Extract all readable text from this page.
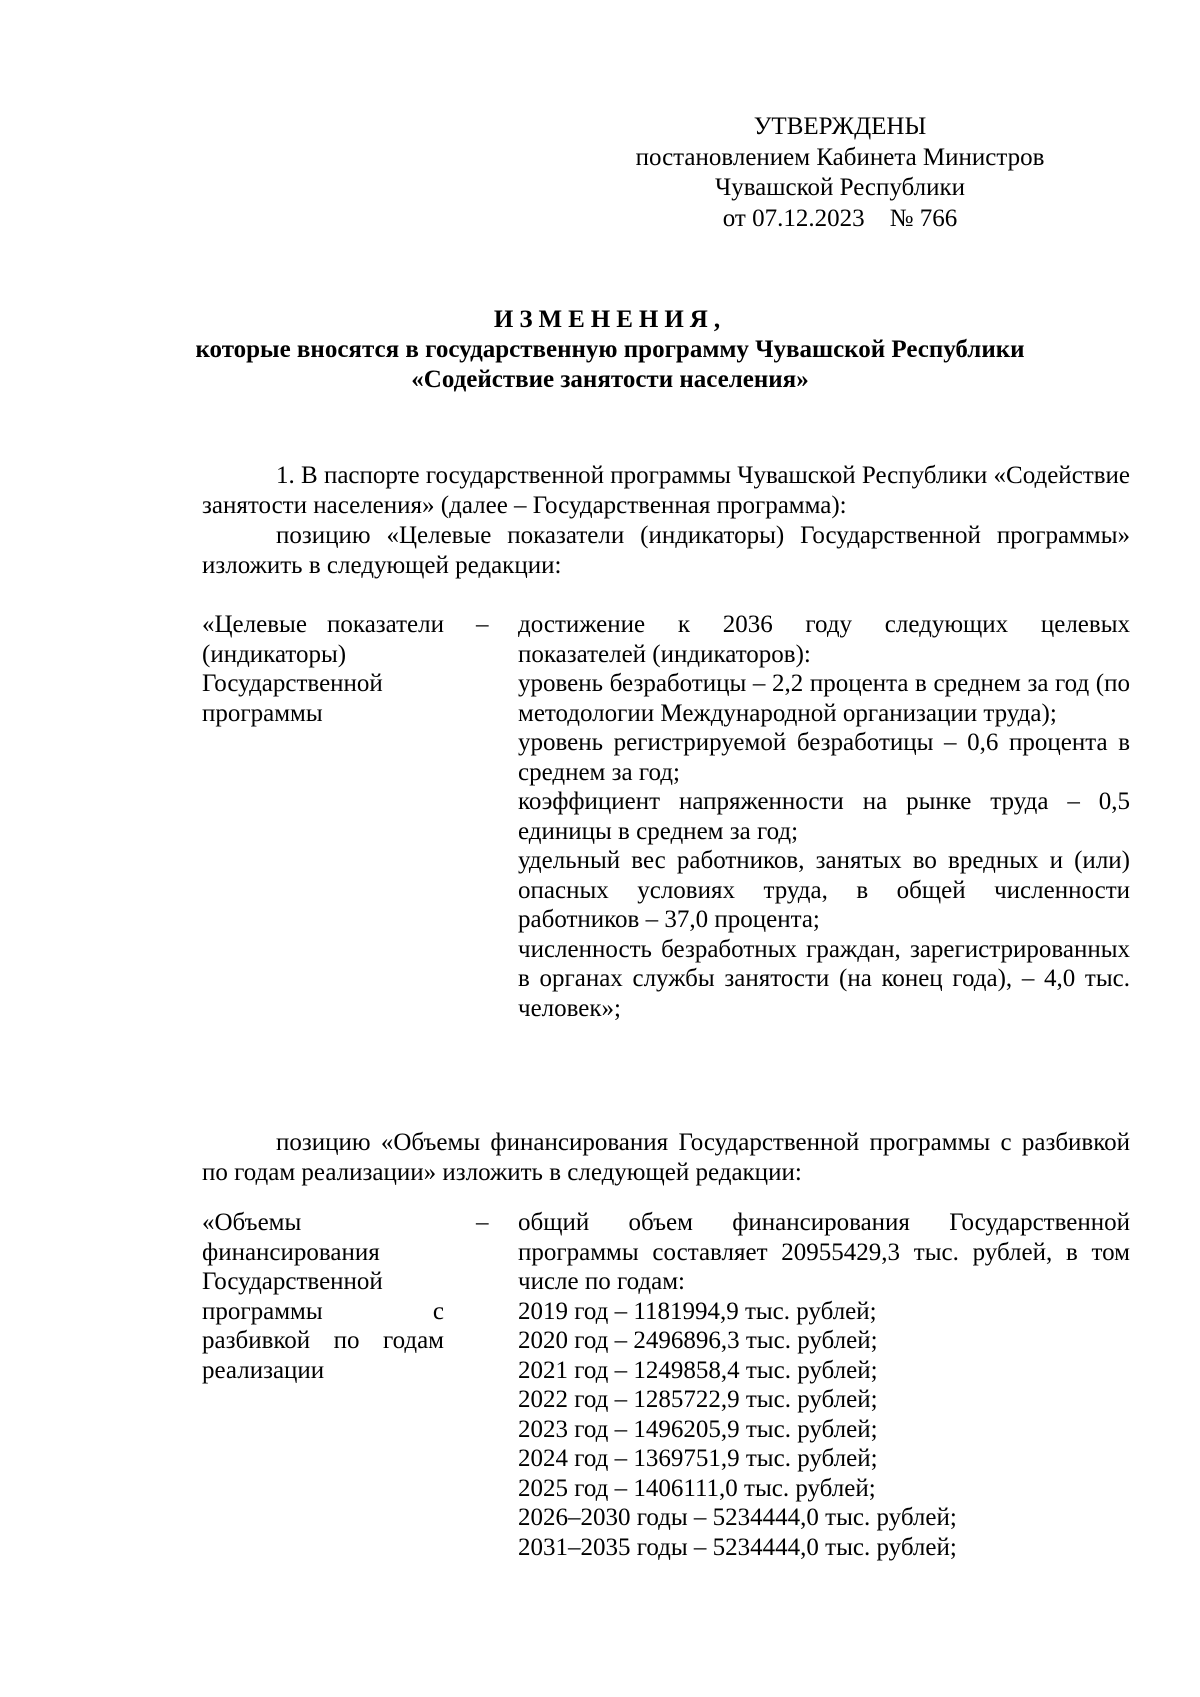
УТВЕРЖДЕНЫ
постановлением Кабинета Министров
Чувашской Республики
от 07.12.2023    № 766
ИЗМЕНЕНИЯ,
которые вносятся в государственную программу Чувашской Республики
«Содействие занятости населения»
1. В паспорте государственной программы Чувашской Республики «Содействие занятости населения» (далее – Государственная программа):
позицию «Целевые показатели (индикаторы) Государственной программы» изложить в следующей редакции:
«Целевые показатели (индикаторы) Государственной программы
– достижение к 2036 году следующих целевых показателей (индикаторов):

уровень безработицы – 2,2 процента в среднем за год (по методологии Международной организации труда);

уровень регистрируемой безработицы – 0,6 процента в среднем за год;

коэффициент напряженности на рынке труда – 0,5 единицы в среднем за год;

удельный вес работников, занятых во вредных и (или) опасных условиях труда, в общей численности работников – 37,0 процента;

численность безработных граждан, зарегистрированных в органах службы занятости (на конец года), – 4,0 тыс. человек»;

позицию «Объемы финансирования Государственной программы с разбивкой по годам реализации» изложить в следующей редакции:
«Объемы финансирования Государственной программы с разбивкой по годам реализации
– общий объем финансирования Государственной программы составляет 20955429,3 тыс. рублей, в том числе по годам:

2019 год – 1181994,9 тыс. рублей;

2020 год – 2496896,3 тыс. рублей;

2021 год – 1249858,4 тыс. рублей;

2022 год – 1285722,9 тыс. рублей;

2023 год – 1496205,9 тыс. рублей;

2024 год – 1369751,9 тыс. рублей;

2025 год – 1406111,0 тыс. рублей;

2026–2030 годы – 5234444,0 тыс. рублей;

2031–2035 годы – 5234444,0 тыс. рублей;
